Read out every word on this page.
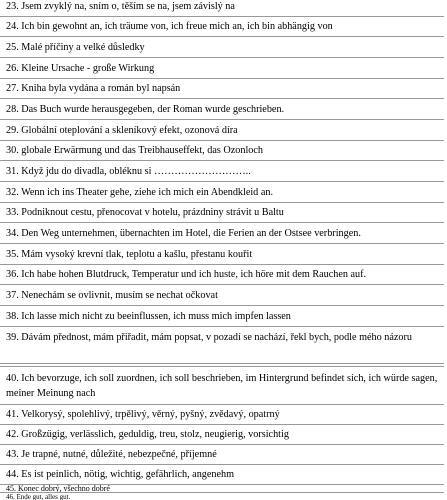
23. Jsem zvyklý na, sním o, těším se na, jsem závislý na
24. Ich bin gewohnt an, ich träume von, ich freue mich an, ich bin abhängig von
25. Malé příčiny a velké důsledky
26. Kleine Ursache - große Wirkung
27. Kniha byla vydána a román byl napsán
28. Das Buch wurde herausgegeben, der Roman wurde geschrieben.
29. Globální oteplování a skleníkový efekt, ozonová díra
30. globale Erwärmung und das Treibhauseffekt, das Ozonloch
31. Když jdu do divadla, obléknu si ………………………..
32. Wenn ich ins Theater gehe, ziehe ich mich ein Abendkleid an.
33. Podniknout cestu, přenocovat v hotelu, prázdniny strávit u Baltu
34. Den Weg unternehmen, übernachten im Hotel, die Ferien an der Ostsee verbringen.
35. Mám vysoký krevní tlak, teplotu a kašlu, přestanu kouřit
36. Ich habe hohen Blutdruck, Temperatur und ich huste, ich höre mit dem Rauchen auf.
37. Nenechám se ovlivnit, musím se nechat očkovat
38. Ich lasse mich nicht zu beeinflussen, ich muss mich impfen lassen
39. Dávám přednost, mám přiřadit, mám popsat, v pozadí se nachází, řekl bych, podle mého názoru
40. Ich bevorzuge, ich soll zuordnen, ich soll beschrieben, im Hintergrund befindet sich, ich würde sagen, meiner Meinung nach
41. Velkorysý, spolehlivý, trpělivý, věrný, pyšný, zvědavý, opatrný
42. Großzügig, verlässlich, geduldig, treu, stolz, neugierig, vorsichtig
43. Je trapné, nutné, důležité, nebezpečné, příjemné
44. Es ist peinlich, nötig, wichtig, gefährlich, angenehm
45. Konec dobrý, všechno dobré
46. Ende gut, alles gut.
